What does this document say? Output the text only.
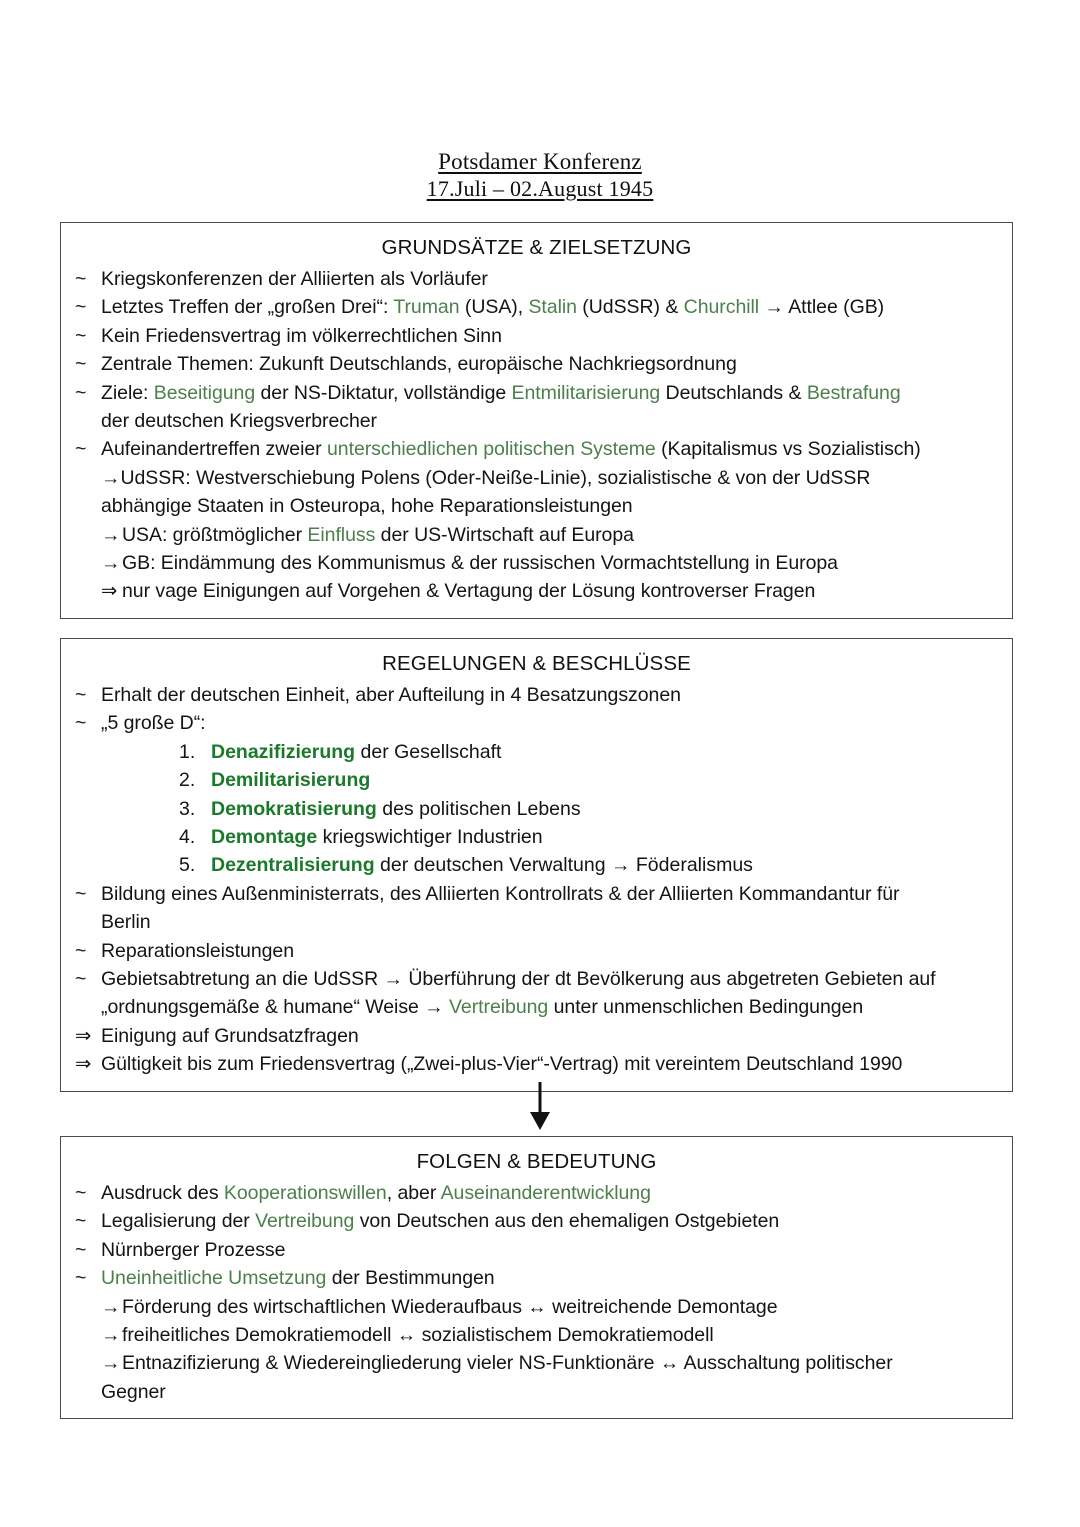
Potsdamer Konferenz
17.Juli – 02.August 1945
GRUNDSÄTZE & ZIELSETZUNG
~ Kriegskonferenzen der Alliierten als Vorläufer
~ Letztes Treffen der „großen Drei“: Truman (USA), Stalin (UdSSR) & Churchill → Attlee (GB)
~ Kein Friedensvertrag im völkerrechtlichen Sinn
~ Zentrale Themen: Zukunft Deutschlands, europäische Nachkriegsordnung
~ Ziele: Beseitigung der NS-Diktatur, vollständige Entmilitarisierung Deutschlands & Bestrafung
der deutschen Kriegsverbrecher
~ Aufeinandertreffen zweier unterschiedlichen politischen Systeme (Kapitalismus vs Sozialistisch)
→UdSSR: Westverschiebung Polens (Oder-Neiße-Linie), sozialistische & von der UdSSR
abhängige Staaten in Osteuropa, hohe Reparationsleistungen
→ USA: größtmöglicher Einfluss der US-Wirtschaft auf Europa
→ GB: Eindämmung des Kommunismus & der russischen Vormachtstellung in Europa
⇒ nur vage Einigungen auf Vorgehen & Vertagung der Lösung kontroverser Fragen
REGELUNGEN & BESCHLÜSSE
~ Erhalt der deutschen Einheit, aber Aufteilung in 4 Besatzungszonen
~ „5 große D“:
1. Denazifizierung der Gesellschaft
2. Demilitarisierung
3. Demokratisierung des politischen Lebens
4. Demontage kriegswichtiger Industrien
5. Dezentralisierung der deutschen Verwaltung → Föderalismus
~ Bildung eines Außenministerrats, des Alliierten Kontrollrats & der Alliierten Kommandantur für
Berlin
~ Reparationsleistungen
~ Gebietsabtretung an die UdSSR → Überführung der dt Bevölkerung aus abgetreten Gebieten auf
„ordnungsgemäße & humane“ Weise → Vertreibung unter unmenschlichen Bedingungen
⇒ Einigung auf Grundsatzfragen
⇒ Gültigkeit bis zum Friedensvertrag („Zwei-plus-Vier“-Vertrag) mit vereintem Deutschland 1990
FOLGEN & BEDEUTUNG
~ Ausdruck des Kooperationswillen, aber Auseinanderentwicklung
~ Legalisierung der Vertreibung von Deutschen aus den ehemaligen Ostgebieten
~ Nürnberger Prozesse
~ Uneinheitliche Umsetzung der Bestimmungen
→ Förderung des wirtschaftlichen Wiederaufbaus ↔ weitreichende Demontage
→ freiheitliches Demokratiemodell ↔ sozialistischem Demokratiemodell
→ Entnazifizierung & Wiedereingliederung vieler NS-Funktionäre ↔ Ausschaltung politischer
Gegner
